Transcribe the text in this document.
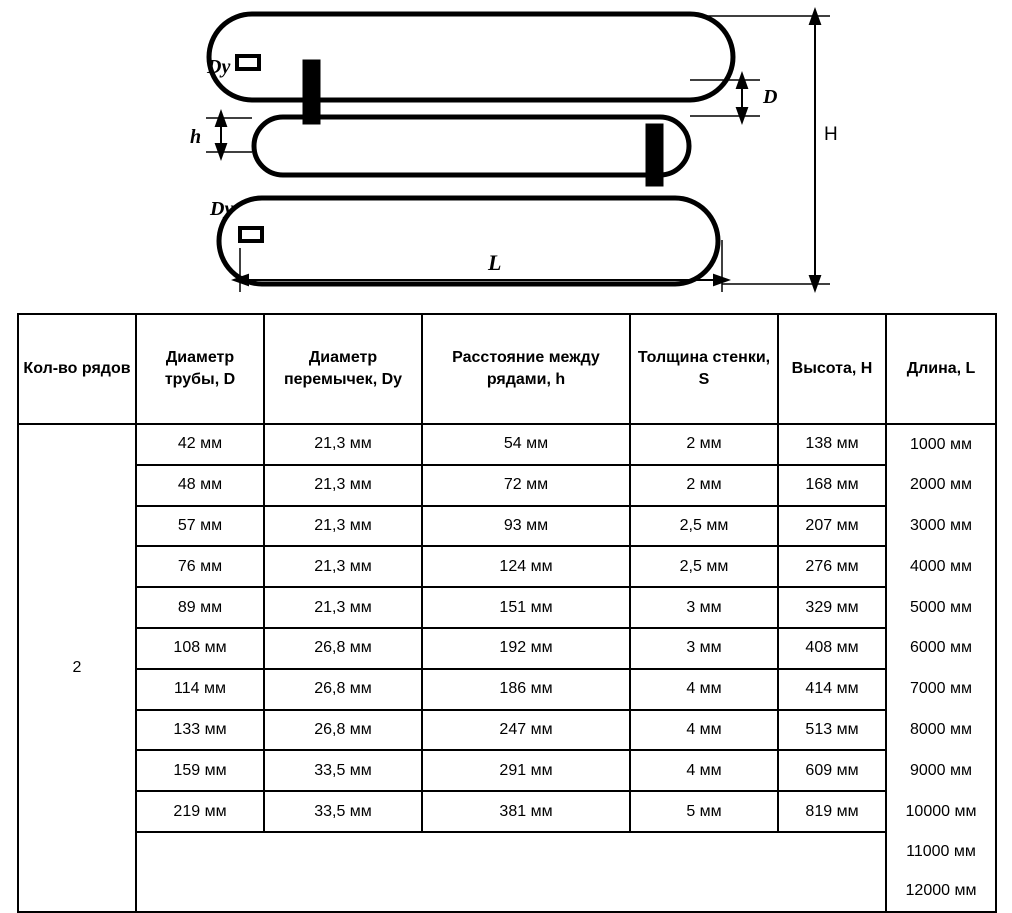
Dy
Dy
h
D
H
L
Кол-во рядов	Диаметр трубы, D	Диаметр перемычек, Dy	Расстояние между рядами, h	Толщина стенки, S	Высота, H	Длина, L
2	42 мм	21,3 мм	54 мм	2 мм	138 мм	1000 мм
	48 мм	21,3 мм	72 мм	2 мм	168 мм	2000 мм
	57 мм	21,3 мм	93 мм	2,5 мм	207 мм	3000 мм
	76 мм	21,3 мм	124 мм	2,5 мм	276 мм	4000 мм
	89 мм	21,3 мм	151 мм	3 мм	329 мм	5000 мм
	108 мм	26,8 мм	192 мм	3 мм	408 мм	6000 мм
	114 мм	26,8 мм	186 мм	4 мм	414 мм	7000 мм
	133 мм	26,8 мм	247 мм	4 мм	513 мм	8000 мм
	159 мм	33,5 мм	291 мм	4 мм	609 мм	9000 мм
	219 мм	33,5 мм	381 мм	5 мм	819 мм	10000 мм
						11000 мм
						12000 мм
